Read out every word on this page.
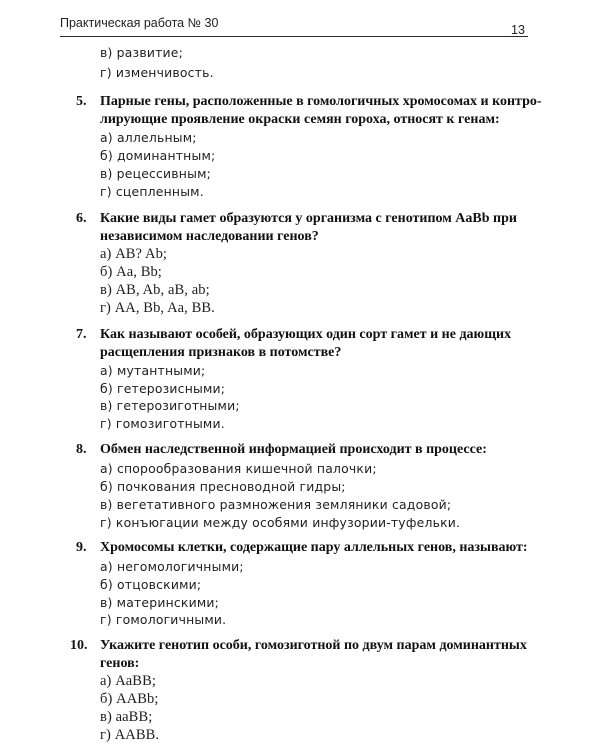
Практическая работа № 30	13
в) развитие;
г) изменчивость.
5. Парные гены, расположенные в гомологичных хромосомах и контро-
лирующие проявление окраски семян гороха, относят к генам:
а) аллельным;
б) доминантным;
в) рецессивным;
г) сцепленным.
6. Какие виды гамет образуются у организма с генотипом AaBb при
независимом наследовании генов?
а) AB? Ab;
б) Aa, Bb;
в) AB, Ab, aB, ab;
г) AA, Bb, Aa, BB.
7. Как называют особей, образующих один сорт гамет и не дающих
расщепления признаков в потомстве?
а) мутантными;
б) гетерозисными;
в) гетерозиготными;
г) гомозиготными.
8. Обмен наследственной информацией происходит в процессе:
а) спорообразования кишечной палочки;
б) почкования пресноводной гидры;
в) вегетативного размножения земляники садовой;
г) конъюгации между особями инфузории-туфельки.
9. Хромосомы клетки, содержащие пару аллельных генов, называют:
а) негомологичными;
б) отцовскими;
в) материнскими;
г) гомологичными.
10. Укажите генотип особи, гомозиготной по двум парам доминантных
генов:
а) AaBB;
б) AABb;
в) aaBB;
г) AABB.
